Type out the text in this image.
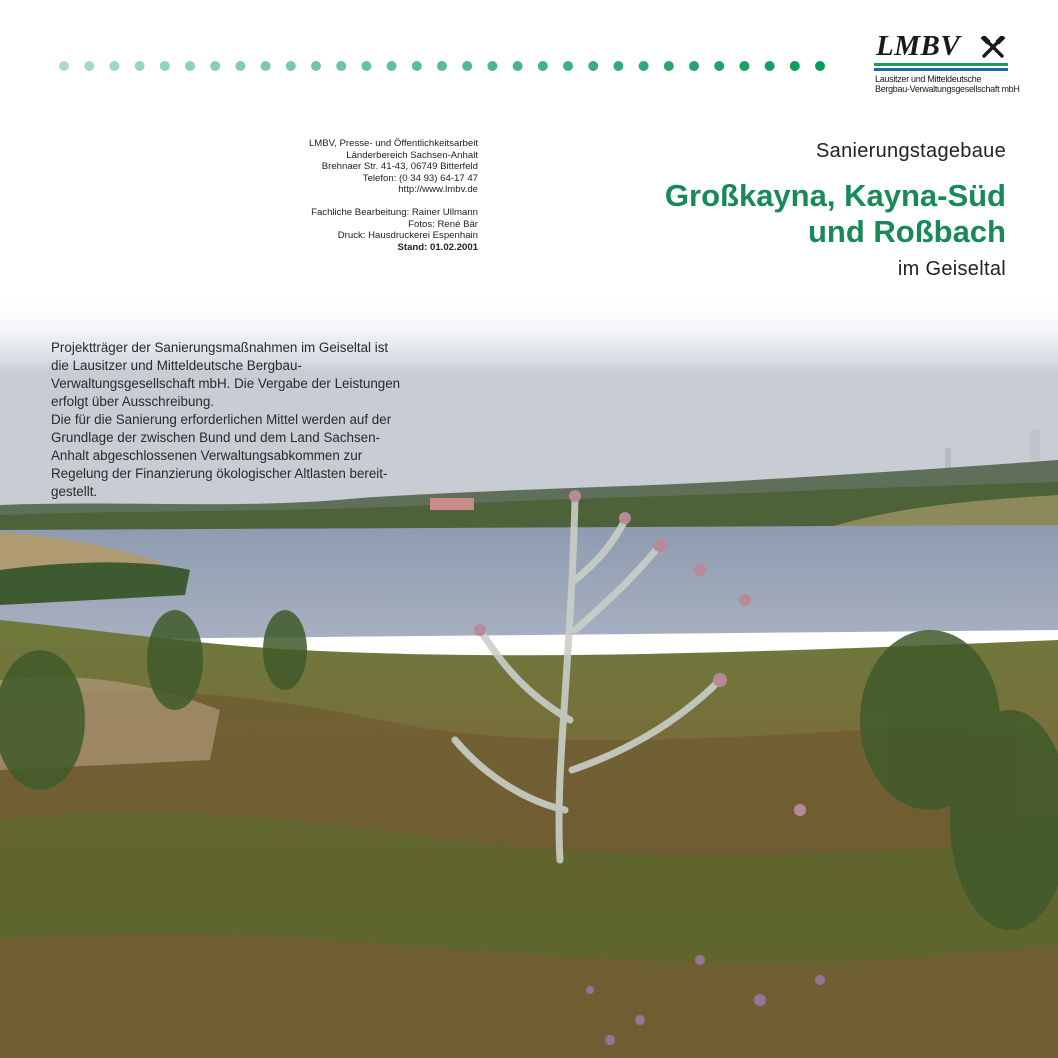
LMBV
Lausitzer und Mitteldeutsche
Bergbau-Verwaltungsgesellschaft mbH
LMBV, Presse- und Öffentlichkeitsarbeit
Länderbereich Sachsen-Anhalt
Brehnaer Str. 41-43, 06749 Bitterfeld
Telefon: (0 34 93) 64-17 47
http://www.lmbv.de
Fachliche Bearbeitung: Rainer Ullmann
Fotos: René Bär
Druck: Hausdruckerei Espenhain
Stand: 01.02.2001
Sanierungstagebaue
Großkayna, Kayna-Süd
und Roßbach
im Geiseltal
Projektträger der Sanierungsmaßnahmen im Geiseltal ist
die Lausitzer und Mitteldeutsche Bergbau-
Verwaltungsgesellschaft mbH. Die Vergabe der Leistungen
erfolgt über Ausschreibung.
Die für die Sanierung erforderlichen Mittel werden auf der
Grundlage der zwischen Bund und dem Land Sachsen-
Anhalt abgeschlossenen Verwaltungsabkommen zur
Regelung der Finanzierung ökologischer Altlasten bereit-
gestellt.
